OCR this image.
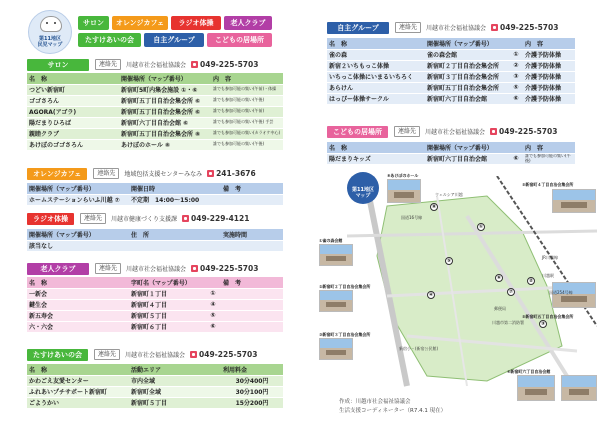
第11地区
民児マップ
サロン	オレンジカフェ	ラジオ体操	老人クラブ
たすけあいの会	自主グループ	こどもの居場所
サロン	連絡先	川越市社会福祉協議会 049-225-5703
名　称	開催場所（マップ番号）	内　容
つどい新宿町	新宿町5町内集会施設 ①・⑥	誰でも参加可能の集い(午前)・体操
ゴゴさろん	新宿町五丁目自治会集会所 ⑥	誰でも参加可能の集い(午後)
AGORA(アゴラ)	新宿町五丁目自治会集会所 ⑥	誰でも参加可能の集い(午前)
陽だまりひろば	新宿町六丁目自治会館 ⑥	誰でも参加可能の集い(午後) 手芸
親睦クラブ	新宿町五丁目自治会集会所 ⑧	誰でも参加可能の集い(カラオケ中心)
あけぼのゴゴさろん	あけぼのホール ⑧	誰でも参加可能の集い(午後)
オレンジカフェ	連絡先	地域包括支援センターみなみ 241-3676
開催場所（マップ番号）	開催日時	備　考
ホームステーションらいふ川越 ⑦	不定期　14:00～15:00	
ラジオ体操	連絡先	川越市健康づくり支援課 049-229-4121
開催場所（マップ番号）	住　所	実施時間
該当なし		
老人クラブ	連絡先	川越市社会福祉協議会 049-225-5703
名　称	字町名（マップ番号）		備　考
一新会	新宿町１丁目	①	
鍵生会	新宿町４丁目	④	
新五寿会	新宿町５丁目	⑤	
六・六会	新宿町６丁目	⑥	
たすけあいの会	連絡先	川越市社会福祉協議会 049-225-5703
名　称	活動エリア	利用料金
かわごえ友愛センター	市内全域	30分400円
ふれあいプチサポート新宿町	新宿町全域	30分100円
ごようかい	新宿町５丁目	15分200円
自主グループ	連絡先	川越市社会福祉協議会 049-225-5703
名　称	開催場所（マップ番号）		内　容
雀の森	雀の森会館	①	介護予防体操
新宿２いちもっこ体操	新宿町２丁目自治会集会所	②	介護予防体操
いちっこ体操にいまるいちろく	新宿町３丁目自治会集会所	③	介護予防体操
あらけん	新宿町五丁目自治会集会所	⑤	介護予防体操
はっぴー体操サークル	新宿町六丁目自治会館	⑥	介護予防体操
こどもの居場所	連絡先	川越市社会福祉協議会 049-225-5703
名　称	開催場所（マップ番号）		内　容
陽だまりキッズ	新宿町六丁目自治会館	⑥	誰でも参加可能の集い(午後)
第11地区
マップ
⑧あけぼのホール
⑤新宿町４丁目自治会集会所
①雀の森会館
②新宿町２丁目自治会集会所
③新宿町３丁目自治会集会所
⑤新宿町五丁目自治会集会所
⑥新宿町六丁目自治会館
⑧
①
⑤
④
⑥
⑦
②
③
国道16号線
ウェルシア川越
JR川越線
川越駅
国道254号線
新宿小・(新宿公民館)
郵便局
川越市第二消防署
作成：川越市社会福祉協議会
生活支援コーディネーター（R7.4.1 現在）
